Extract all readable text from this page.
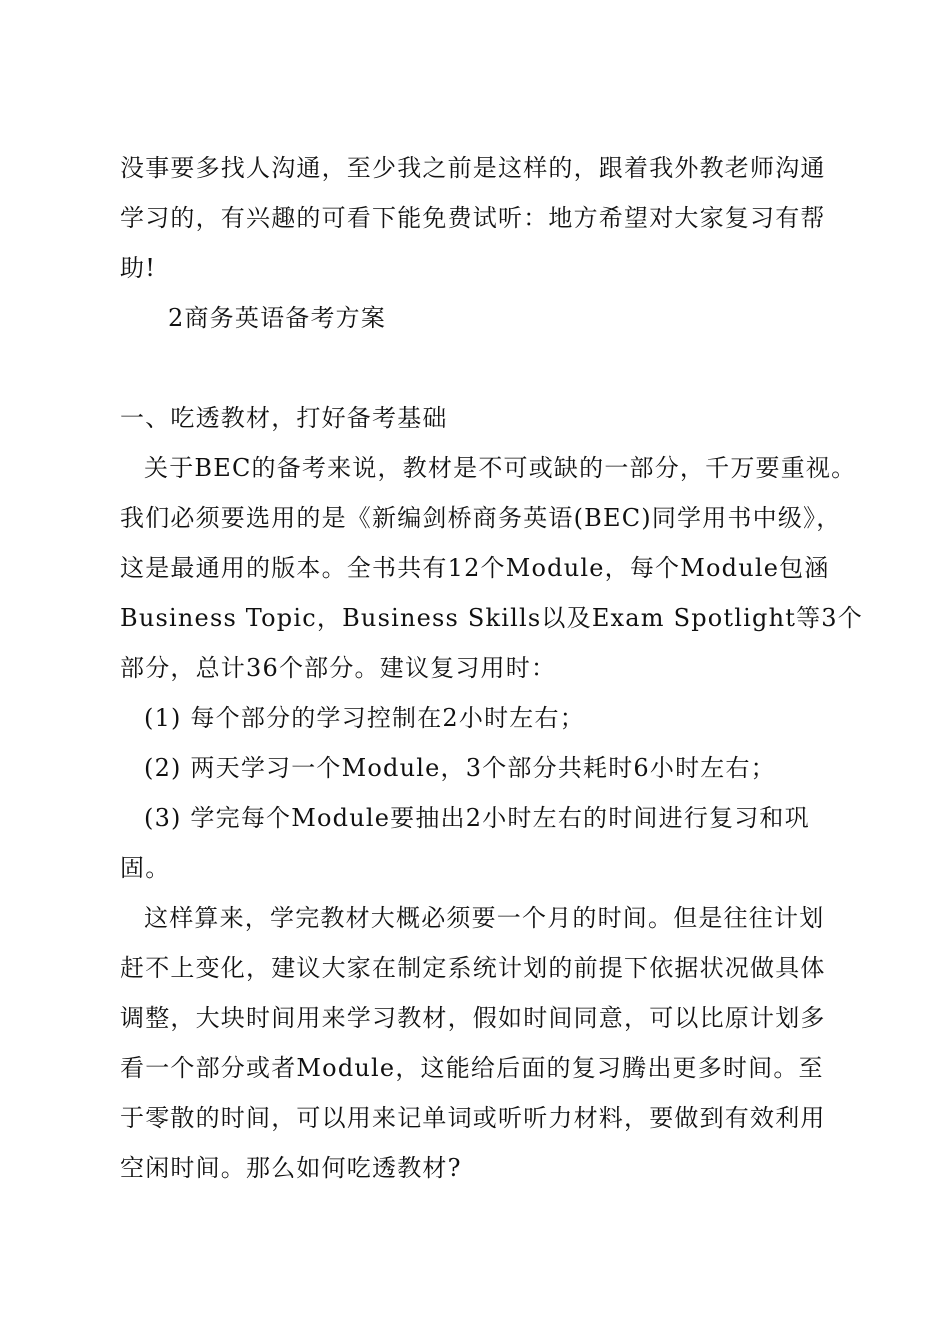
没事要多找人沟通，至少我之前是这样的，跟着我外教老师沟通
学习的，有兴趣的可看下能免费试听：地方希望对大家复习有帮
助!
2商务英语备考方案
一、吃透教材，打好备考基础
关于BEC的备考来说，教材是不可或缺的一部分，千万要重视。
我们必须要选用的是《新编剑桥商务英语(BEC)同学用书中级》，
这是最通用的版本。全书共有12个Module，每个Module包涵
Business Topic，Business Skills以及Exam Spotlight等3个
部分，总计36个部分。建议复习用时：
(1) 每个部分的学习控制在2小时左右；
(2) 两天学习一个Module，3个部分共耗时6小时左右；
(3) 学完每个Module要抽出2小时左右的时间进行复习和巩
固。
这样算来，学完教材大概必须要一个月的时间。但是往往计划
赶不上变化，建议大家在制定系统计划的前提下依据状况做具体
调整，大块时间用来学习教材，假如时间同意，可以比原计划多
看一个部分或者Module，这能给后面的复习腾出更多时间。至
于零散的时间，可以用来记单词或听听力材料，要做到有效利用
空闲时间。那么如何吃透教材?
